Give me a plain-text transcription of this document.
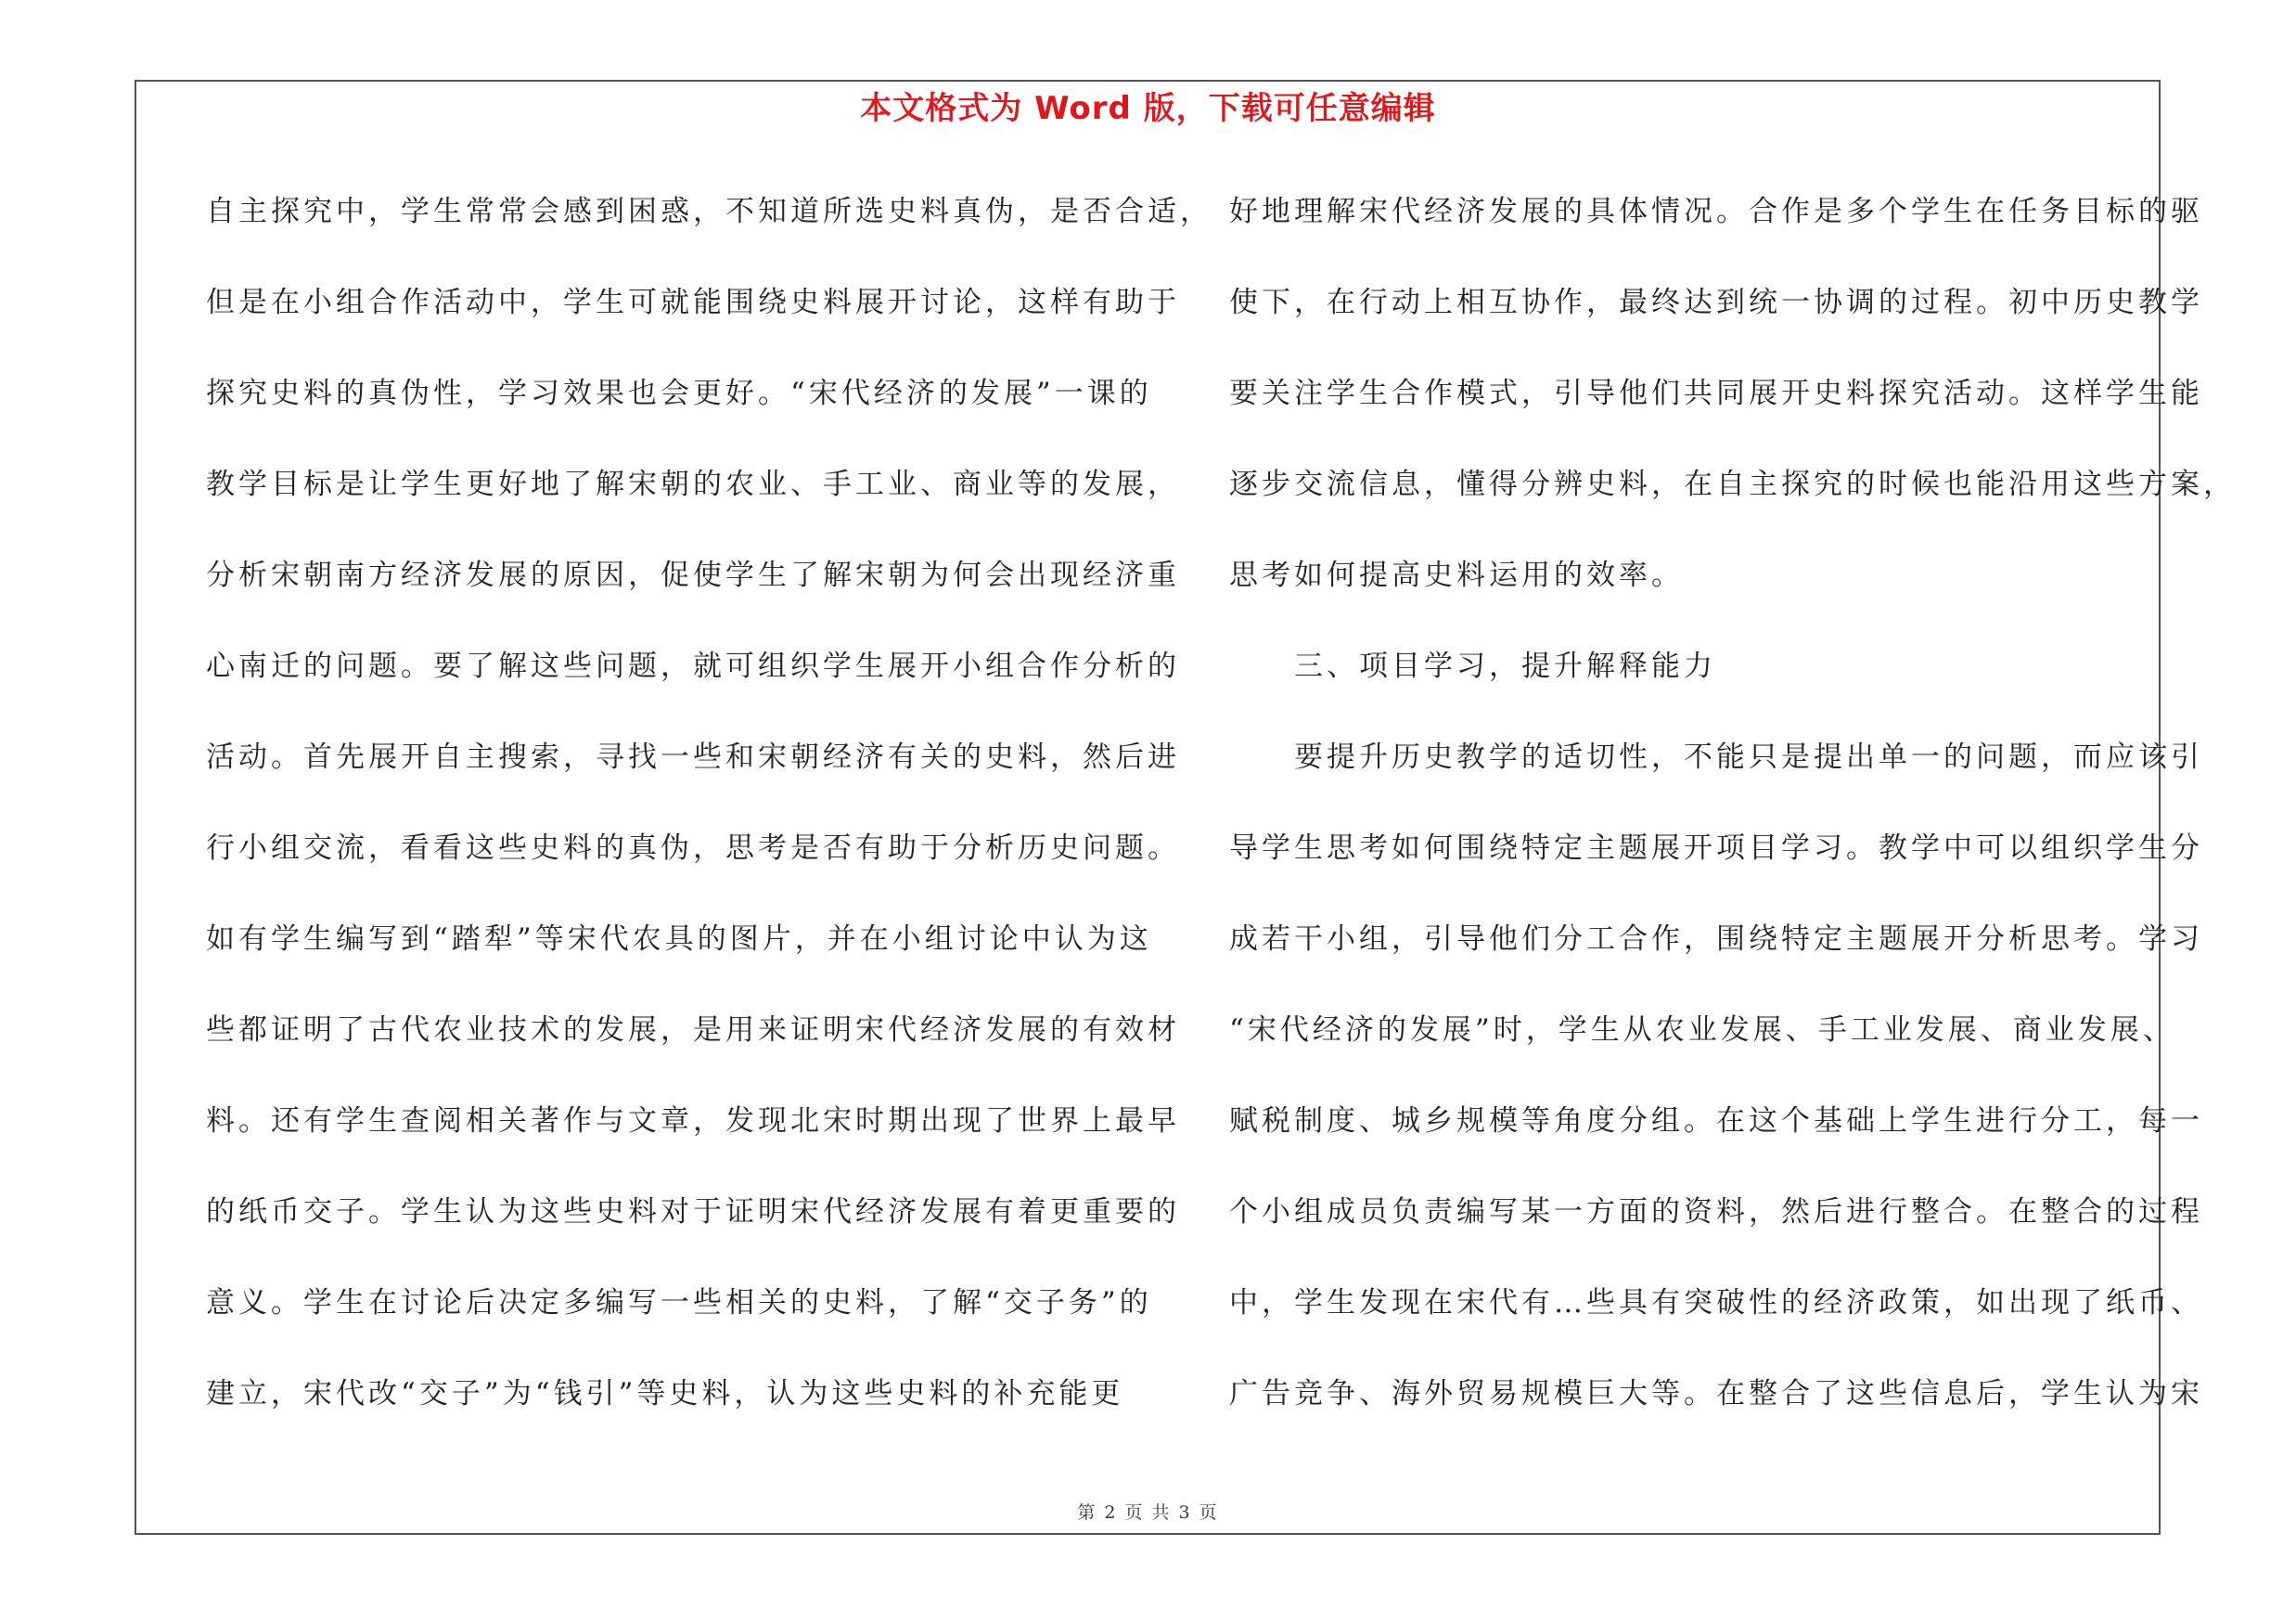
本文格式为 Word 版，下载可任意编辑
自主探究中，学生常常会感到困惑，不知道所选史料真伪，是否合适，
但是在小组合作活动中，学生可就能围绕史料展开讨论，这样有助于
探究史料的真伪性，学习效果也会更好。“宋代经济的发展”一课的
教学目标是让学生更好地了解宋朝的农业、手工业、商业等的发展，
分析宋朝南方经济发展的原因，促使学生了解宋朝为何会出现经济重
心南迁的问题。要了解这些问题，就可组织学生展开小组合作分析的
活动。首先展开自主搜索，寻找一些和宋朝经济有关的史料，然后进
行小组交流，看看这些史料的真伪，思考是否有助于分析历史问题。
如有学生编写到“踏犁”等宋代农具的图片，并在小组讨论中认为这
些都证明了古代农业技术的发展，是用来证明宋代经济发展的有效材
料。还有学生查阅相关著作与文章，发现北宋时期出现了世界上最早
的纸币交子。学生认为这些史料对于证明宋代经济发展有着更重要的
意义。学生在讨论后决定多编写一些相关的史料，了解“交子务”的
建立，宋代改“交子”为“钱引”等史料，认为这些史料的补充能更
好地理解宋代经济发展的具体情况。合作是多个学生在任务目标的驱
使下，在行动上相互协作，最终达到统一协调的过程。初中历史教学
要关注学生合作模式，引导他们共同展开史料探究活动。这样学生能
逐步交流信息，懂得分辨史料，在自主探究的时候也能沿用这些方案，
思考如何提高史料运用的效率。
　　三、项目学习，提升解释能力
　　要提升历史教学的适切性，不能只是提出单一的问题，而应该引
导学生思考如何围绕特定主题展开项目学习。教学中可以组织学生分
成若干小组，引导他们分工合作，围绕特定主题展开分析思考。学习
“宋代经济的发展”时，学生从农业发展、手工业发展、商业发展、
赋税制度、城乡规模等角度分组。在这个基础上学生进行分工，每一
个小组成员负责编写某一方面的资料，然后进行整合。在整合的过程
中，学生发现在宋代有…些具有突破性的经济政策，如出现了纸币、
广告竞争、海外贸易规模巨大等。在整合了这些信息后，学生认为宋
第 2 页 共 3 页
